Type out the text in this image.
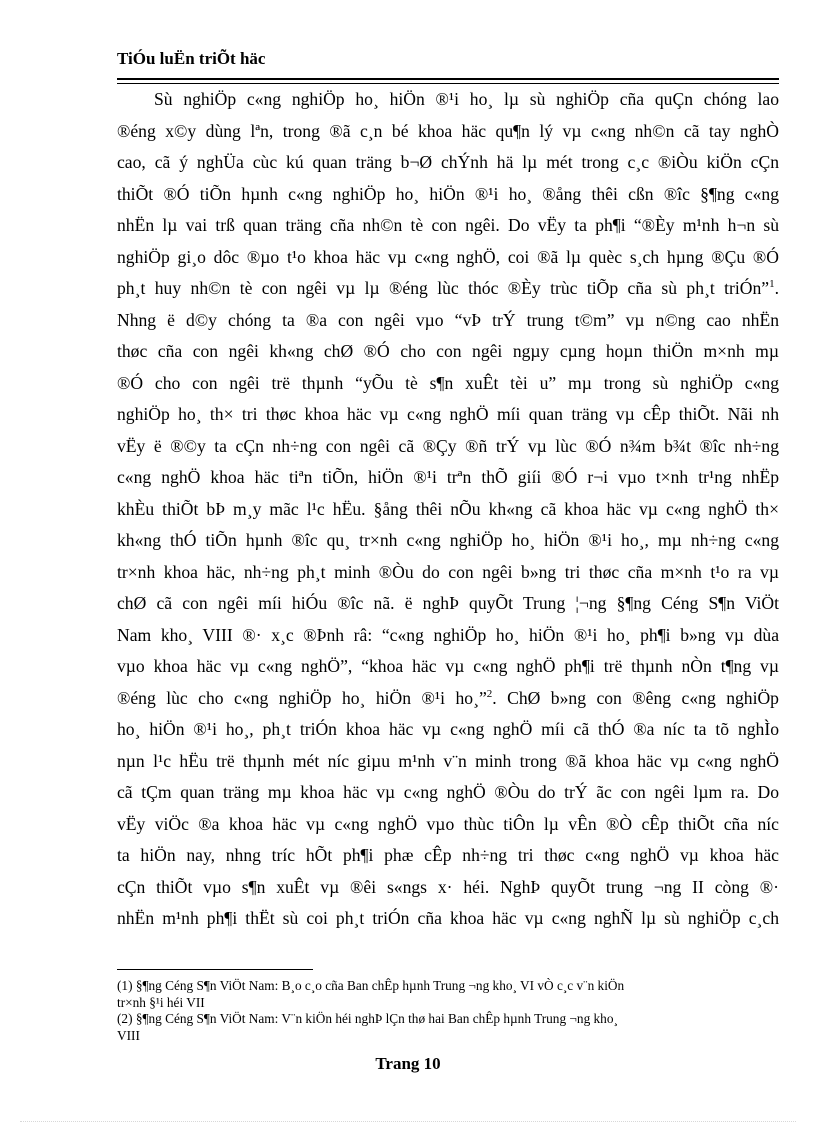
TiÓu luËn triÕt häc
Sù nghiÖp c«ng nghiÖp ho¸ hiÖn ®¹i ho¸ lµ sù nghiÖp cña quÇn chóng lao
®éng x©y dùng lªn, trong ®ã c¸n bé khoa häc qu¶n lý vµ c«ng nh©n cã tay nghÒ
cao, cã ý nghÜa cùc kú quan träng b¬Ø chÝnh hä lµ mét trong c¸c ®iÒu kiÖn cÇn
thiÕt ®Ó tiÕn hµnh c«ng nghiÖp ho¸ hiÖn ®¹i ho¸ ®ång thêi cßn ®îc §¶ng c«ng
nhËn lµ vai trß quan träng cña nh©n tè con ngêi. Do vËy ta ph¶i “®Èy m¹nh h¬n sù
nghiÖp gi¸o dôc ®µo t¹o khoa häc vµ c«ng nghÖ, coi ®ã lµ quèc s¸ch hµng ®Çu ®Ó
ph¸t huy nh©n tè con ngêi vµ lµ ®éng lùc thóc ®Èy trùc tiÕp cña sù ph¸t triÓn”$^1$.
Nhng ë d©y chóng ta ®a con ngêi vµo “vÞ trÝ trung t©m” vµ n©ng cao nhËn
thøc cña con ngêi kh«ng chØ ®Ó cho con ngêi ngµy cµng hoµn thiÖn m×nh mµ
®Ó cho con ngêi trë thµnh “yÕu tè s¶n xuÊt tèi u” mµ trong sù nghiÖp c«ng
nghiÖp ho¸ th× tri thøc khoa häc vµ c«ng nghÖ míi quan träng vµ cÊp thiÕt. Nãi nh
vËy ë ®©y ta cÇn nh÷ng con ngêi cã ®Çy ®ñ trÝ vµ lùc ®Ó n¾m b¾t ®îc nh÷ng
c«ng nghÖ khoa häc tiªn tiÕn, hiÖn ®¹i trªn thÕ giíi ®Ó r¬i vµo t×nh tr¹ng nhËp
khÈu thiÕt bÞ m¸y mãc l¹c hËu. §ång thêi nÕu kh«ng cã khoa häc vµ c«ng nghÖ th×
kh«ng thÓ tiÕn hµnh ®îc qu¸ tr×nh c«ng nghiÖp ho¸ hiÖn ®¹i ho¸, mµ nh÷ng c«ng
tr×nh khoa häc, nh÷ng ph¸t minh ®Òu do con ngêi b»ng tri thøc cña m×nh t¹o ra vµ
chØ cã con ngêi míi hiÓu ®îc nã. ë nghÞ quyÕt Trung ¦¬ng §¶ng Céng S¶n ViÖt
Nam kho¸ VIII ®· x¸c ®Þnh râ: “c«ng nghiÖp ho¸ hiÖn ®¹i ho¸ ph¶i b»ng vµ dùa
vµo khoa häc vµ c«ng nghÖ”, “khoa häc vµ c«ng nghÖ ph¶i trë thµnh nÒn t¶ng vµ
®éng lùc cho c«ng nghiÖp ho¸ hiÖn ®¹i ho¸”$^2$. ChØ b»ng con ®êng c«ng nghiÖp
ho¸ hiÖn ®¹i ho¸, ph¸t triÓn khoa häc vµ c«ng nghÖ míi cã thÓ ®a níc ta tõ nghÌo
nµn l¹c hËu trë thµnh mét níc giµu m¹nh v¨n minh trong ®ã khoa häc vµ c«ng nghÖ
cã tÇm quan träng mµ khoa häc vµ c«ng nghÖ ®Òu do trÝ ãc con ngêi lµm ra. Do
vËy viÖc ®a khoa häc vµ c«ng nghÖ vµo thùc tiÔn lµ vÊn ®Ò cÊp thiÕt cña níc
ta hiÖn nay, nhng tríc hÕt ph¶i phæ cÊp nh÷ng tri thøc c«ng nghÖ vµ khoa häc
cÇn thiÕt vµo s¶n xuÊt vµ ®êi s«ngs x· héi. NghÞ quyÕt trung ¬ng II còng ®·
nhËn m¹nh ph¶i thËt sù coi ph¸t triÓn cña khoa häc vµ c«ng nghÑ lµ sù nghiÖp c¸ch
(1) §¶ng Céng S¶n ViÖt Nam: B¸o c¸o cña Ban chÊp hµnh Trung ¬ng kho¸ VI vÒ c¸c v¨n kiÖn
tr×nh §¹i héi VII
(2) §¶ng Céng S¶n ViÖt Nam: V¨n kiÖn héi nghÞ lÇn thø hai Ban chÊp hµnh Trung ¬ng kho¸
VIII
Trang 10
